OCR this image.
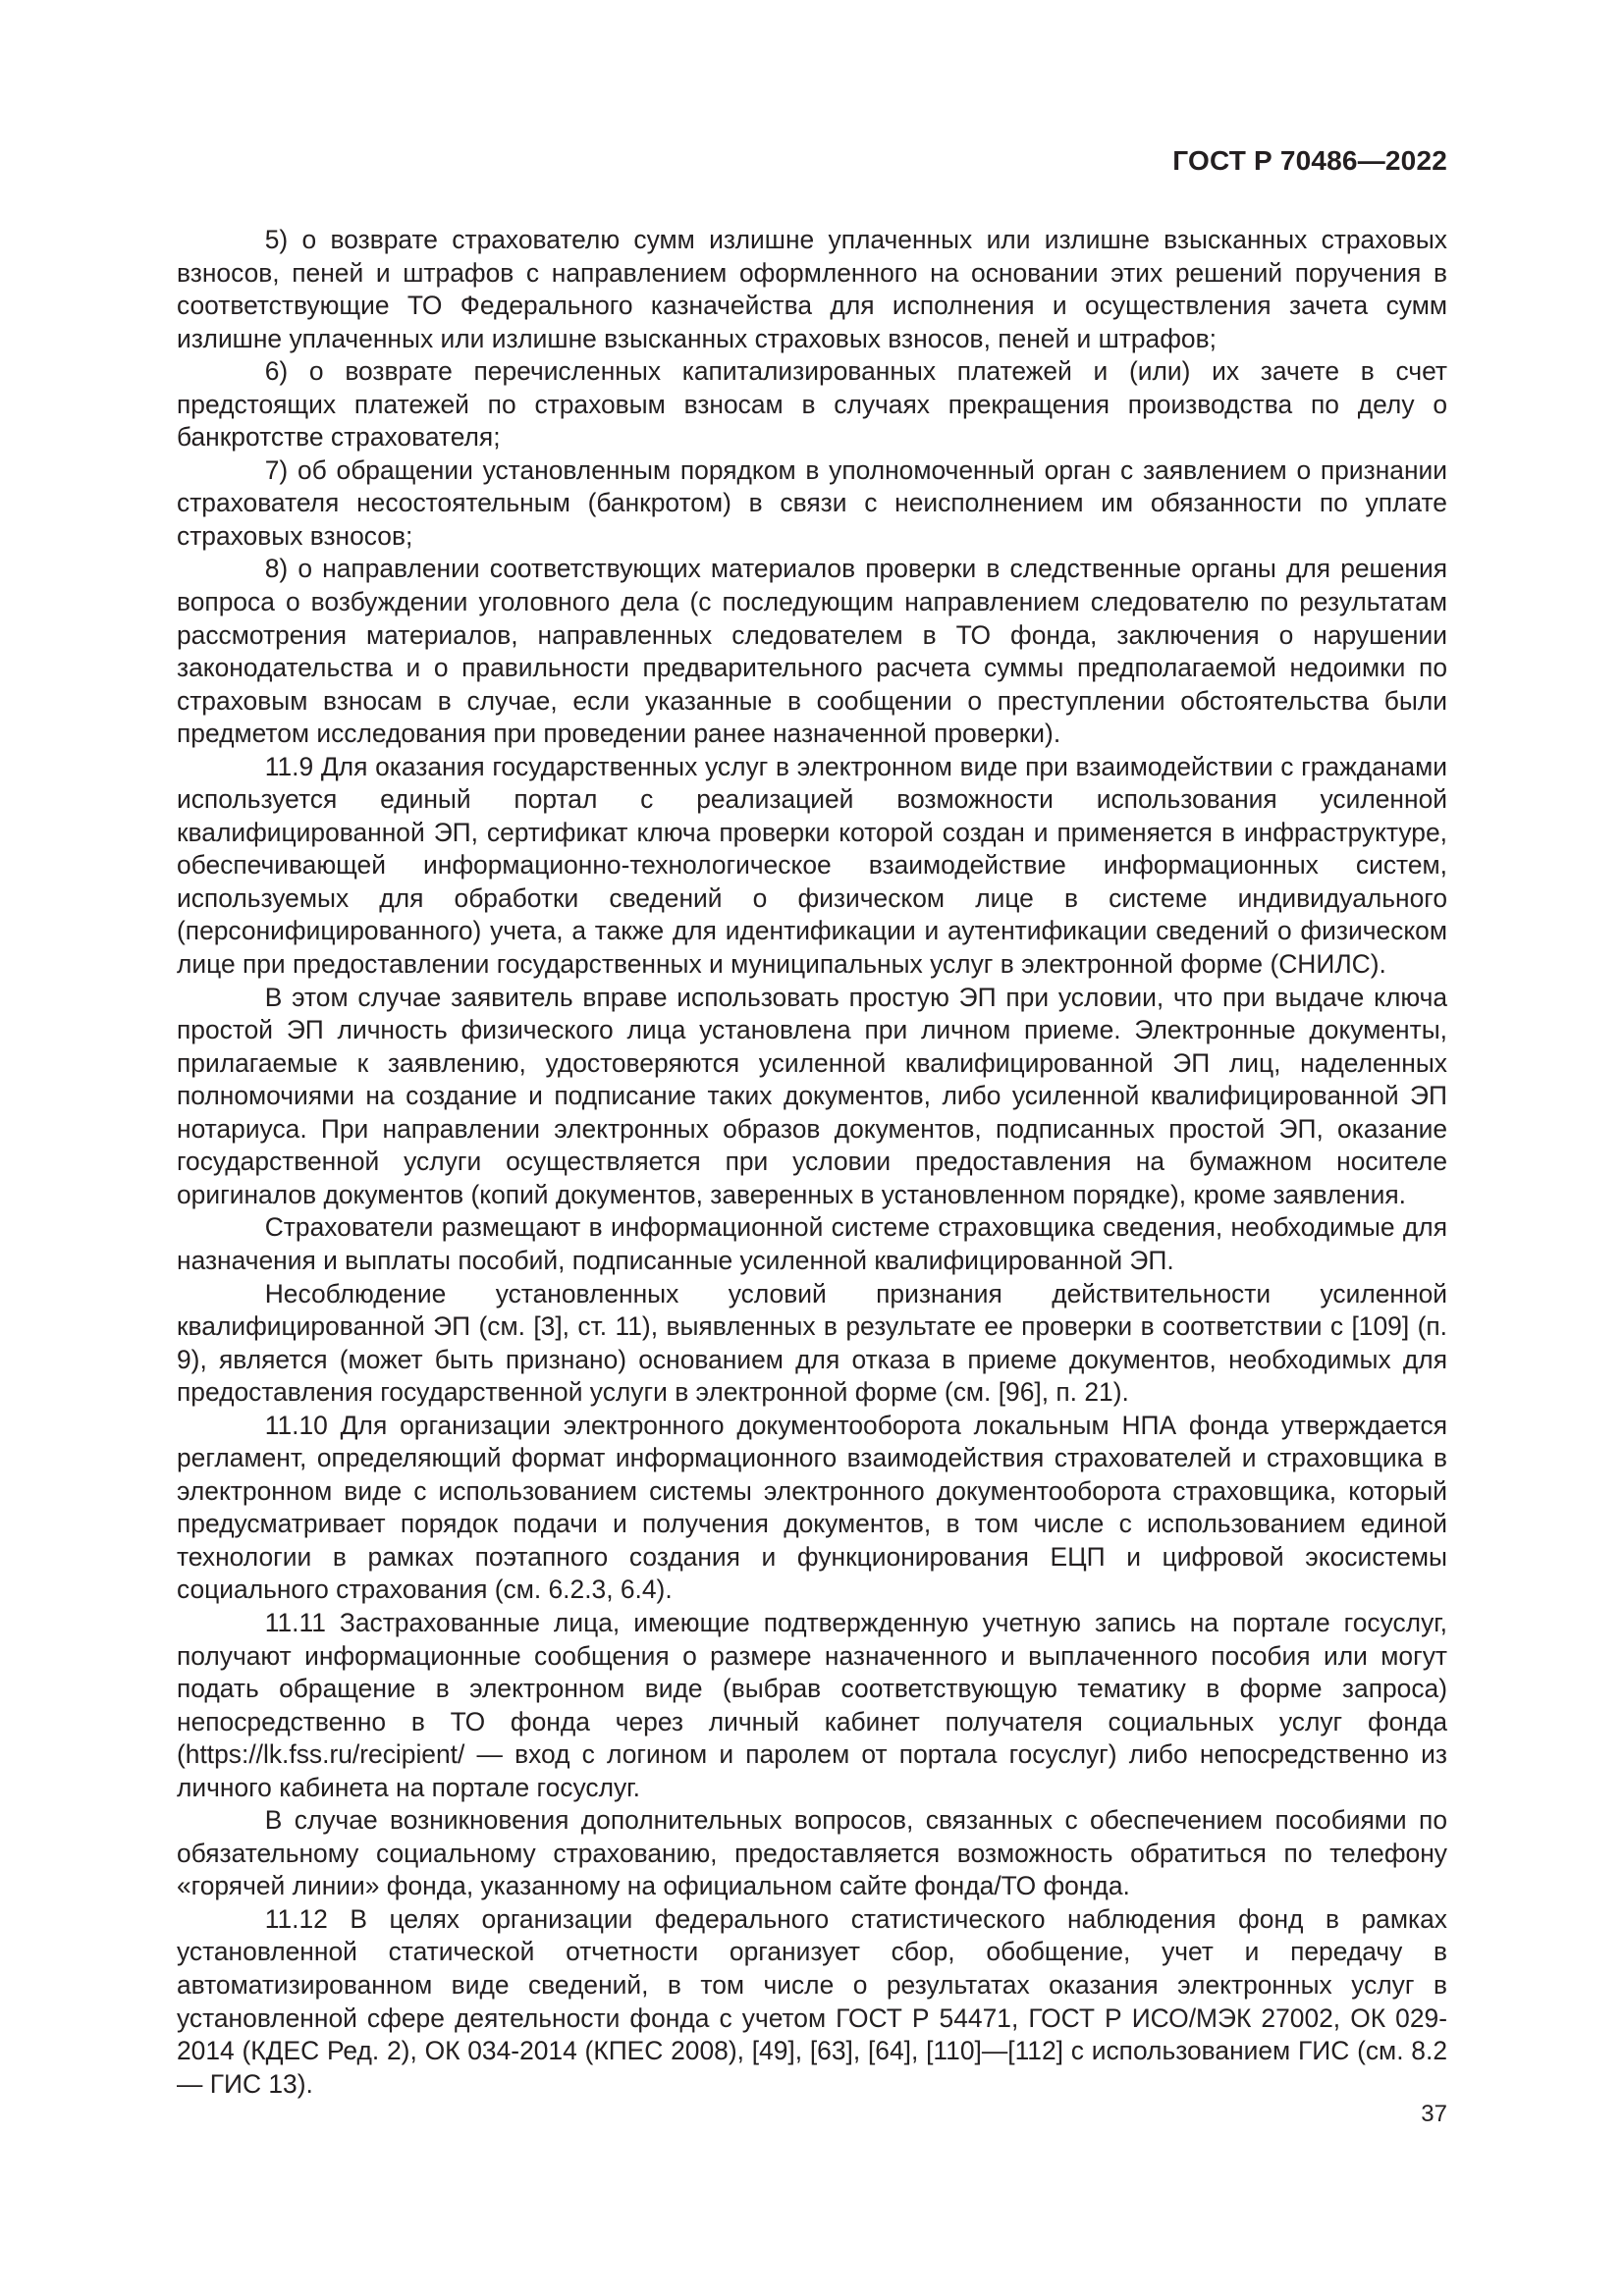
ГОСТ Р 70486—2022

5) о возврате страхователю сумм излишне уплаченных или излишне взысканных страховых взносов, пеней и штрафов с направлением оформленного на основании этих решений поручения в соответствующие ТО Федерального казначейства для исполнения и осуществления зачета сумм излишне уплаченных или излишне взысканных страховых взносов, пеней и штрафов;

6) о возврате перечисленных капитализированных платежей и (или) их зачете в счет предстоящих платежей по страховым взносам в случаях прекращения производства по делу о банкротстве страхователя;

7) об обращении установленным порядком в уполномоченный орган с заявлением о признании страхователя несостоятельным (банкротом) в связи с неисполнением им обязанности по уплате страховых взносов;

8) о направлении соответствующих материалов проверки в следственные органы для решения вопроса о возбуждении уголовного дела (с последующим направлением следователю по результатам рассмотрения материалов, направленных следователем в ТО фонда, заключения о нарушении законодательства и о правильности предварительного расчета суммы предполагаемой недоимки по страховым взносам в случае, если указанные в сообщении о преступлении обстоятельства были предметом исследования при проведении ранее назначенной проверки).

11.9 Для оказания государственных услуг в электронном виде при взаимодействии с гражданами используется единый портал с реализацией возможности использования усиленной квалифицированной ЭП, сертификат ключа проверки которой создан и применяется в инфраструктуре, обеспечивающей информационно-технологическое взаимодействие информационных систем, используемых для обработки сведений о физическом лице в системе индивидуального (персонифицированного) учета, а также для идентификации и аутентификации сведений о физическом лице при предоставлении государственных и муниципальных услуг в электронной форме (СНИЛС).

В этом случае заявитель вправе использовать простую ЭП при условии, что при выдаче ключа простой ЭП личность физического лица установлена при личном приеме. Электронные документы, прилагаемые к заявлению, удостоверяются усиленной квалифицированной ЭП лиц, наделенных полномочиями на создание и подписание таких документов, либо усиленной квалифицированной ЭП нотариуса. При направлении электронных образов документов, подписанных простой ЭП, оказание государственной услуги осуществляется при условии предоставления на бумажном носителе оригиналов документов (копий документов, заверенных в установленном порядке), кроме заявления.

Страхователи размещают в информационной системе страховщика сведения, необходимые для назначения и выплаты пособий, подписанные усиленной квалифицированной ЭП.

Несоблюдение установленных условий признания действительности усиленной квалифицированной ЭП (см. [3], ст. 11), выявленных в результате ее проверки в соответствии с [109] (п. 9), является (может быть признано) основанием для отказа в приеме документов, необходимых для предоставления государственной услуги в электронной форме (см. [96], п. 21).

11.10 Для организации электронного документооборота локальным НПА фонда утверждается регламент, определяющий формат информационного взаимодействия страхователей и страховщика в электронном виде с использованием системы электронного документооборота страховщика, который предусматривает порядок подачи и получения документов, в том числе с использованием единой технологии в рамках поэтапного создания и функционирования ЕЦП и цифровой экосистемы социального страхования (см. 6.2.3, 6.4).

11.11 Застрахованные лица, имеющие подтвержденную учетную запись на портале госуслуг, получают информационные сообщения о размере назначенного и выплаченного пособия или могут подать обращение в электронном виде (выбрав соответствующую тематику в форме запроса) непосредственно в ТО фонда через личный кабинет получателя социальных услуг фонда (https://lk.fss.ru/recipient/ — вход с логином и паролем от портала госуслуг) либо непосредственно из личного кабинета на портале госуслуг.

В случае возникновения дополнительных вопросов, связанных с обеспечением пособиями по обязательному социальному страхованию, предоставляется возможность обратиться по телефону «горячей линии» фонда, указанному на официальном сайте фонда/ТО фонда.

11.12 В целях организации федерального статистического наблюдения фонд в рамках установленной статической отчетности организует сбор, обобщение, учет и передачу в автоматизированном виде сведений, в том числе о результатах оказания электронных услуг в установленной сфере деятельности фонда с учетом ГОСТ Р 54471, ГОСТ Р ИСО/МЭК 27002, ОК 029-2014 (КДЕС Ред. 2), ОК 034-2014 (КПЕС 2008), [49], [63], [64], [110]—[112] с использованием ГИС (см. 8.2 — ГИС 13).

37
